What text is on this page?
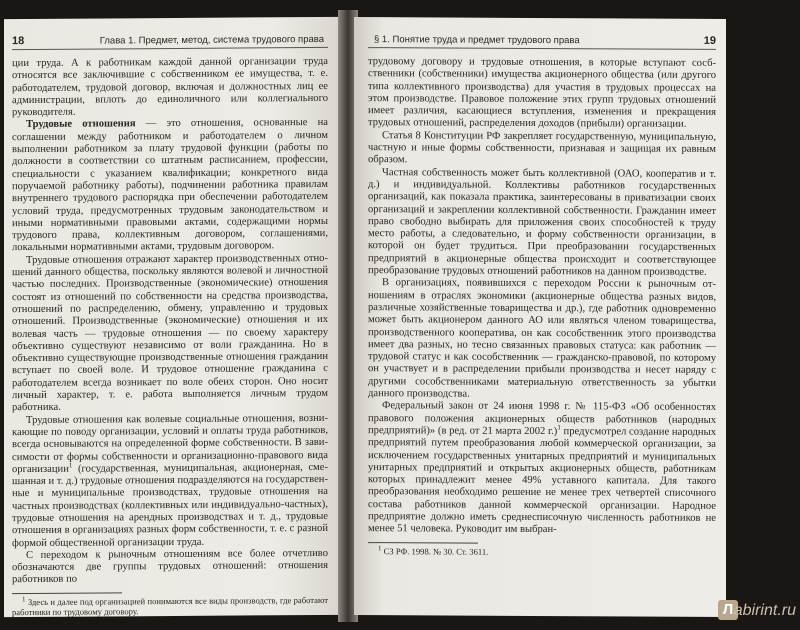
18	Глава 1. Предмет, метод, система трудового права

ции труда. А к работникам каждой данной организации труда относятся все заключившие с собственником ее имущества, т. е. работодателем, трудовой договор, включая и должностных лиц ее администрации, вплоть до единоличного или коллегиального руководителя.

Трудовые отношения — это отношения, основанные на соглашении между работником и работодателем о личном выполнении работником за плату трудовой функции (работы по должности в соответствии со штатным расписанием, профессии, специальности с указанием квалификации; конкретного вида поручаемой работнику работы), подчинении работника правилам внутреннего трудового распорядка при обеспечении работодателем условий труда, предусмотренных трудовым законодательством и иными нормативными правовыми актами, содержащими нормы трудового права, коллективным договором, соглашениями, локальными нормативными актами, трудовым договором.

Трудовые отношения отражают характер производственных отношений данного общества, поскольку являются волевой и личностной частью последних. Производственные (экономические) отношения состоят из отношений по собственности на средства производства, отношений по распределению, обмену, управлению и трудовых отношений. Производственные (экономические) отношения и их волевая часть — трудовые отношения — по своему характеру объективно существуют независимо от воли гражданина. Но в объективно существующие производственные отношения гражданин вступает по своей воле. И трудовое отношение гражданина с работодателем всегда возникает по воле обеих сторон. Оно носит личный характер, т. е. работа выполняется личным трудом работника.

Трудовые отношения как волевые социальные отношения, возникающие по поводу организации, условий и оплаты труда работников, всегда основываются на определенной форме собственности. В зависимости от формы собственности и организационно-правового вида организации$^1$ (государственная, муниципальная, акционерная, смешанная и т. д.) трудовые отношения подразделяются на государственные и муниципальные производствах, трудовые отношения на частных производствах (коллективных или индивидуально-частных), трудовые отношения на арендных производствах и т. д., трудовые отношения в организациях разных форм собственности, т. е. с разной формой общественной организации труда.

С переходом к рыночным отношениям все более отчетливо обозначаются две группы трудовых отношений: отношения работников по

$^1$ Здесь и далее под организацией понимаются все виды производств, где работают работники по трудовому договору.
§ 1. Понятие труда и предмет трудового права	19

трудовому договору и трудовые отношения, в которые вступают сосбственники (собственники) имущества акционерного общества (или другого типа коллективного производства) для участия в трудовых процессах на этом производстве. Правовое положение этих групп трудовых отношений имеет различия, касающиеся вступления, изменения и прекращения трудовых отношений, распределения доходов (прибыли) организации.

Статья 8 Конституции РФ закрепляет государственную, муниципальную, частную и иные формы собственности, признавая и защищая их равным образом.

Частная собственность может быть коллективной (ОАО, кооператив и т. д.) и индивидуальной. Коллективы работников государственных организаций, как показала практика, заинтересованы в приватизации своих организаций и закреплении коллективной собственности. Гражданин имеет право свободно выбирать для приложения своих способностей к труду место работы, а следовательно, и форму собственности организации, в которой он будет трудиться. При преобразовании государственных предприятий в акционерные общества происходит и соответствующее преобразование трудовых отношений работников на данном производстве.

В организациях, появившихся с переходом России к рыночным отношениям в отраслях экономики (акционерные общества разных видов, различные хозяйственные товарищества и др.), где работник одновременно может быть акционером данного АО или являться членом товарищества, производственного кооператива, он как сособственник этого производства имеет два разных, но тесно связанных правовых статуса: как работник — трудовой статус и как сособственник — гражданско-правовой, по которому он участвует и в распределении прибыли производства и несет наряду с другими сособственниками материальную ответственность за убытки данного производства.

Федеральный закон от 24 июня 1998 г. № 115-ФЗ «Об особенностях правового положения акционерных обществ работников (народных предприятий)» (в ред. от 21 марта 2002 г.)$^1$ предусмотрел создание народных предприятий путем преобразования любой коммерческой организации, за исключением государственных унитарных предприятий и муниципальных унитарных предприятий и открытых акционерных обществ, работникам которых принадлежит менее 49% уставного капитала. Для такого преобразования необходимо решение не менее трех четвертей списочного состава работников данной коммерческой организации. Народное предприятие должно иметь среднесписочную численность работников не менее 51 человека. Руководит им выбран-

$^1$ СЗ РФ. 1998. № 30. Ст. 3611.
Л abirint.ru
